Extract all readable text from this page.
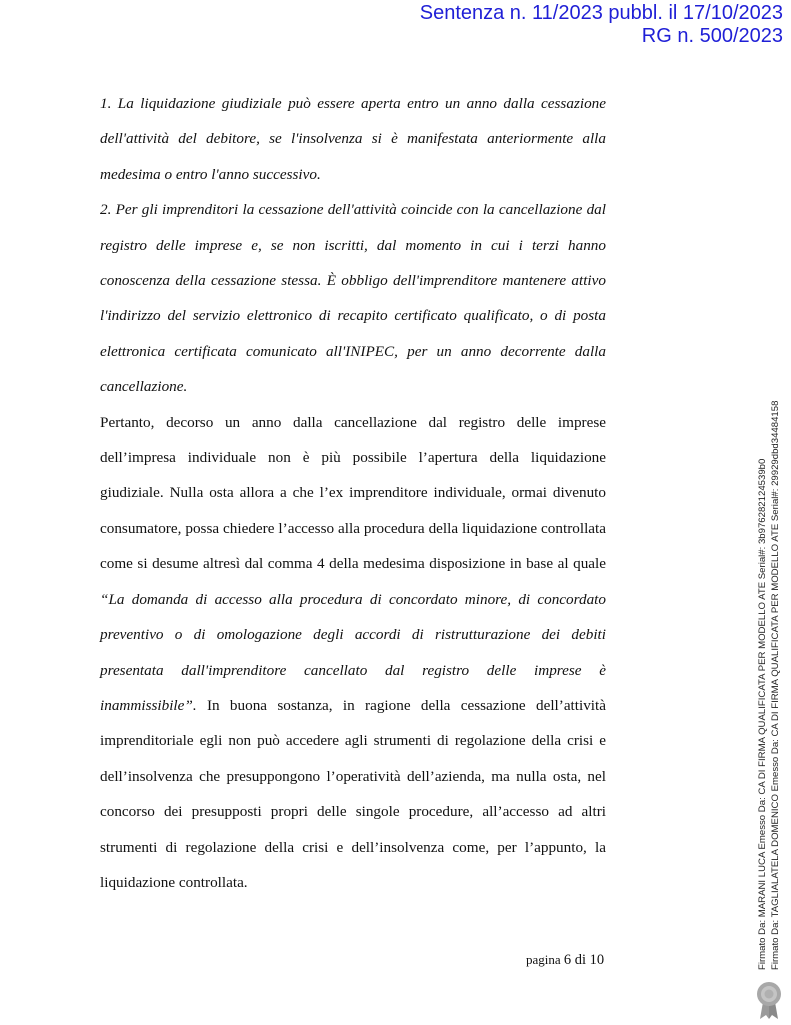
Sentenza n. 11/2023 pubbl. il 17/10/2023
RG n. 500/2023

1. La liquidazione giudiziale può essere aperta entro un anno dalla cessazione dell'attività del debitore, se l'insolvenza si è manifestata anteriormente alla medesima o entro l'anno successivo.

2. Per gli imprenditori la cessazione dell'attività coincide con la cancellazione dal registro delle imprese e, se non iscritti, dal momento in cui i terzi hanno conoscenza della cessazione stessa. È obbligo dell'imprenditore mantenere attivo l'indirizzo del servizio elettronico di recapito certificato qualificato, o di posta elettronica certificata comunicato all'INIPEC, per un anno decorrente dalla cancellazione.

Pertanto, decorso un anno dalla cancellazione dal registro delle imprese dell’impresa individuale non è più possibile l’apertura della liquidazione giudiziale. Nulla osta allora a che l’ex imprenditore individuale, ormai divenuto consumatore, possa chiedere l’accesso alla procedura della liquidazione controllata come si desume altresì dal comma 4 della medesima disposizione in base al quale “La domanda di accesso alla procedura di concordato minore, di concordato preventivo o di omologazione degli accordi di ristrutturazione dei debiti presentata dall'imprenditore cancellato dal registro delle imprese è inammissibile”. In buona sostanza, in ragione della cessazione dell’attività imprenditoriale egli non può accedere agli strumenti di regolazione della crisi e dell’insolvenza che presuppongono l’operatività dell’azienda, ma nulla osta, nel concorso dei presupposti propri delle singole procedure, all’accesso ad altri strumenti di regolazione della crisi e dell’insolvenza come, per l’appunto, la liquidazione controllata.

pagina 6 di 10	Firmato Da: MARANI LUCA Emesso Da: CA DI FIRMA QUALIFICATA PER MODELLO ATE Serial#: 3b976282124539b0 Firmato Da: TAGLIALATELA DOMENICO Emesso Da: CA DI FIRMA QUALIFICATA PER MODELLO ATE Serial#: 29929dbd34484158
